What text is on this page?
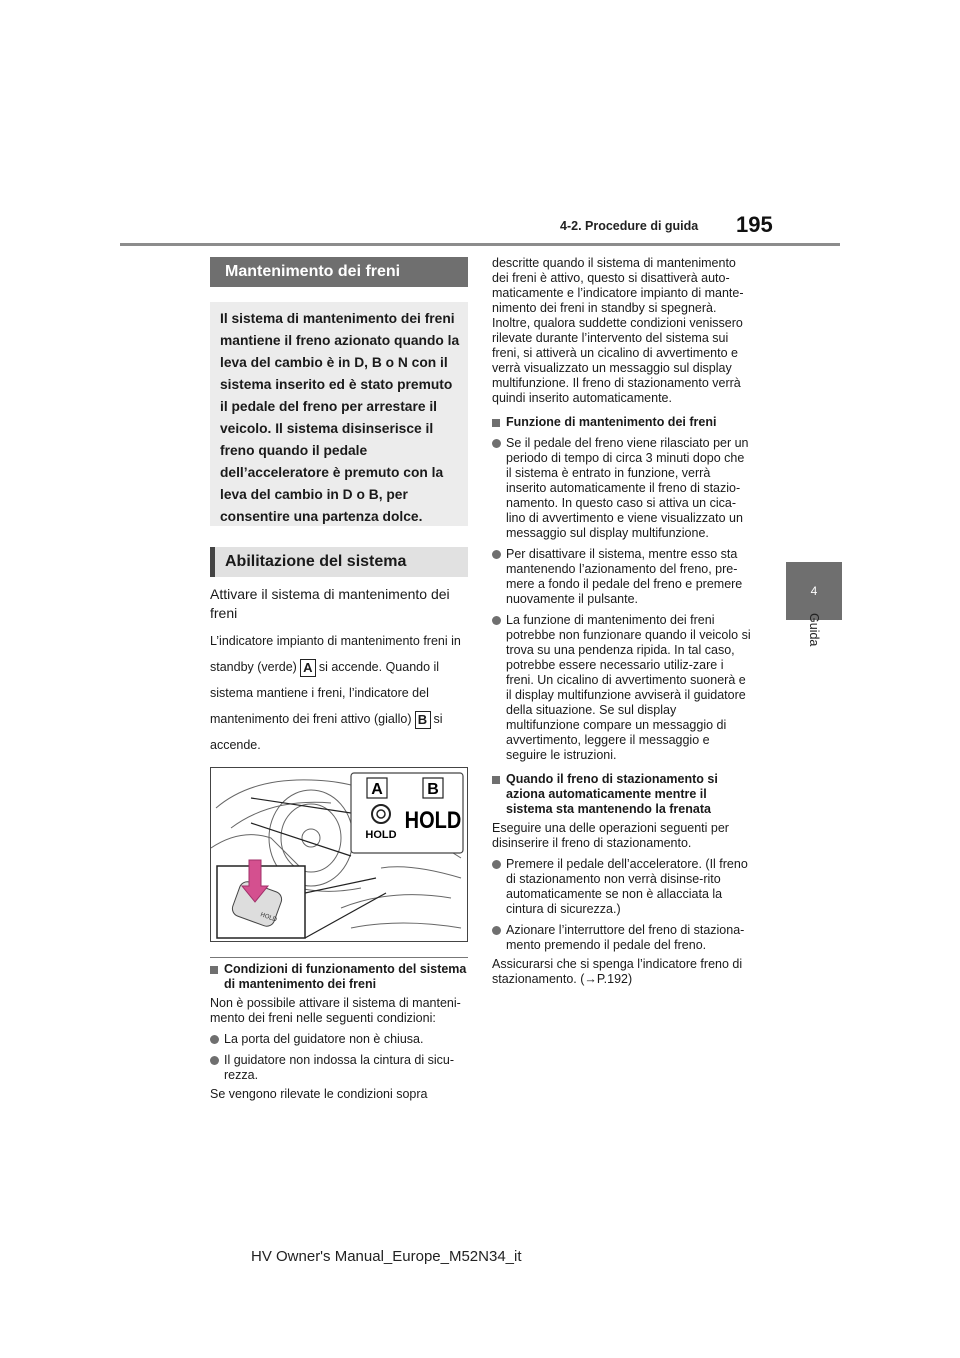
4-2. Procedure di guida 195
4
Guida
Mantenimento dei freni
Il sistema di mantenimento dei freni mantiene il freno azionato quando la leva del cambio è in D, B o N con il sistema inserito ed è stato premuto il pedale del freno per arrestare il veicolo. Il sistema disinserisce il freno quando il pedale dell’acceleratore è premuto con la leva del cambio in D o B, per consentire una partenza dolce.
Abilitazione del sistema
Attivare il sistema di mantenimento dei freni
L’indicatore impianto di mantenimento freni in standby (verde) A si accende. Quando il sistema mantiene i freni, l’indicatore del mantenimento dei freni attivo (giallo) B si accende.
HOLD
A	B
HOLD
HOLD
Condizioni di funzionamento del sistema di mantenimento dei freni
Non è possibile attivare il sistema di manteni-mento dei freni nelle seguenti condizioni:
La porta del guidatore non è chiusa.
Il guidatore non indossa la cintura di sicu-rezza.
Se vengono rilevate le condizioni sopra
descritte quando il sistema di mantenimento dei freni è attivo, questo si disattiverà auto-maticamente e l’indicatore impianto di mante-nimento dei freni in standby si spegnerà. Inoltre, qualora suddette condizioni venissero rilevate durante l’intervento del sistema sui freni, si attiverà un cicalino di avvertimento e verrà visualizzato un messaggio sul display multifunzione. Il freno di stazionamento verrà quindi inserito automaticamente.
Funzione di mantenimento dei freni
Se il pedale del freno viene rilasciato per un periodo di tempo di circa 3 minuti dopo che il sistema è entrato in funzione, verrà inserito automaticamente il freno di stazio-namento. In questo caso si attiva un cica-lino di avvertimento e viene visualizzato un messaggio sul display multifunzione.
Per disattivare il sistema, mentre esso sta mantenendo l’azionamento del freno, pre-mere a fondo il pedale del freno e premere nuovamente il pulsante.
La funzione di mantenimento dei freni potrebbe non funzionare quando il veicolo si trova su una pendenza ripida. In tal caso, potrebbe essere necessario utiliz-zare i freni. Un cicalino di avvertimento suonerà e il display multifunzione avviserà il guidatore della situazione. Se sul display multifunzione compare un messaggio di avvertimento, leggere il messaggio e seguire le istruzioni.
Quando il freno di stazionamento si aziona automaticamente mentre il sistema sta mantenendo la frenata
Eseguire una delle operazioni seguenti per disinserire il freno di stazionamento.
Premere il pedale dell’acceleratore. (Il freno di stazionamento non verrà disinse-rito automaticamente se non è allacciata la cintura di sicurezza.)
Azionare l’interruttore del freno di staziona-mento premendo il pedale del freno.
Assicurarsi che si spenga l’indicatore freno di stazionamento. (→P.192)
HV Owner's Manual_Europe_M52N34_it
